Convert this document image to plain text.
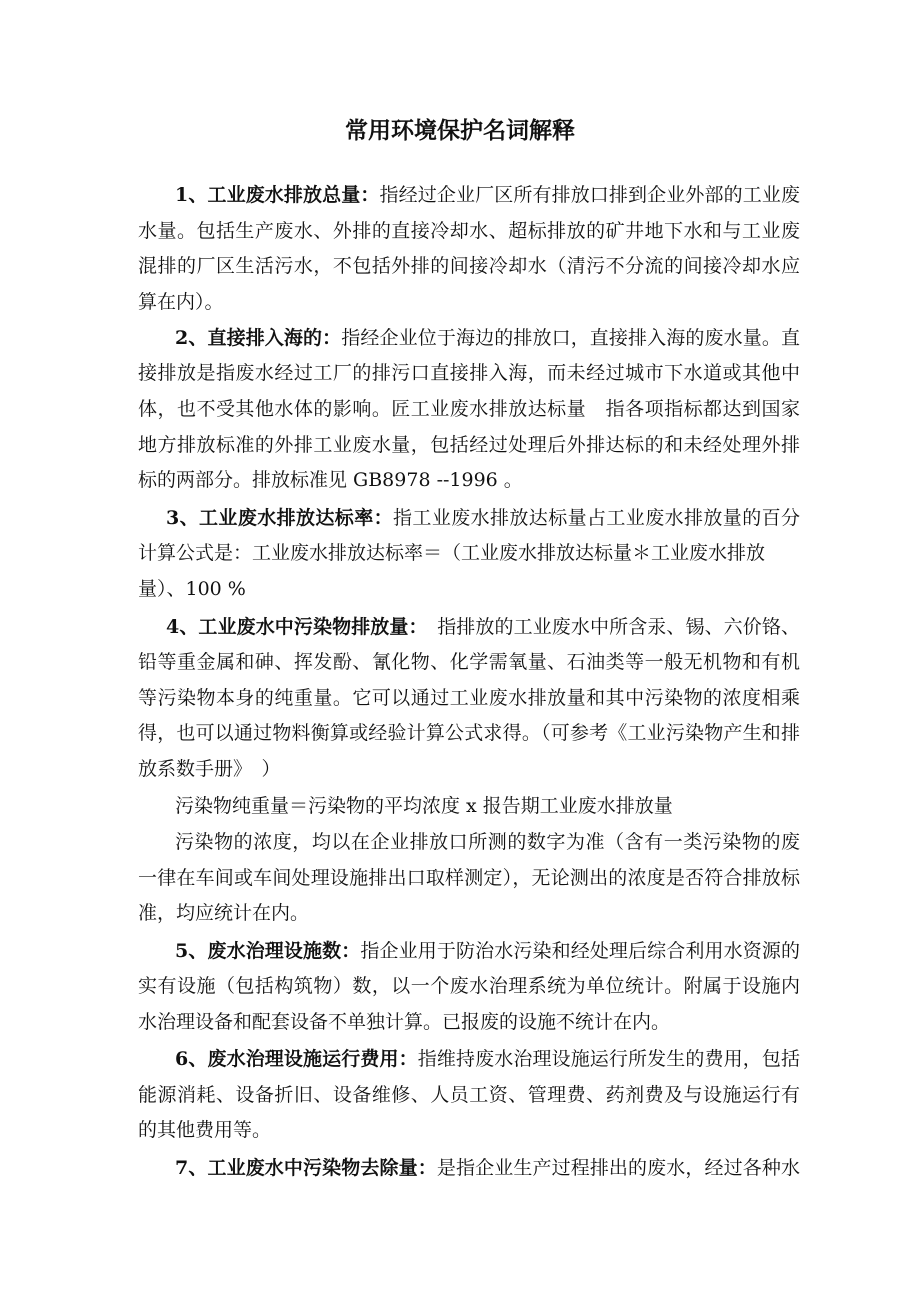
常用环境保护名词解释
1、工业废水排放总量：指经过企业厂区所有排放口排到企业外部的工业废
水量。包括生产废水、外排的直接冷却水、超标排放的矿井地下水和与工业废
混排的厂区生活污水，不包括外排的间接冷却水（清污不分流的间接冷却水应
算在内）。
2、直接排入海的：指经企业位于海边的排放口，直接排入海的废水量。直
接排放是指废水经过工厂的排污口直接排入海，而未经过城市下水道或其他中
体，也不受其他水体的影响。匠工业废水排放达标量　指各项指标都达到国家
地方排放标准的外排工业废水量，包括经过处理后外排达标的和未经处理外排
标的两部分。排放标准见 GB8978 --1996 。
3、工业废水排放达标率：指工业废水排放达标量占工业废水排放量的百分
计算公式是：工业废水排放达标率＝（工业废水排放达标量＊工业废水排放
量）、100 %
4、工业废水中污染物排放量：　指排放的工业废水中所含汞、锡、六价铬、
铅等重金属和砷、挥发酚、氰化物、化学需氧量、石油类等一般无机物和有机
等污染物本身的纯重量。它可以通过工业废水排放量和其中污染物的浓度相乘
得，也可以通过物料衡算或经验计算公式求得。（可参考《工业污染物产生和排
放系数手册》　）
污染物纯重量＝污染物的平均浓度 x 报告期工业废水排放量
污染物的浓度，均以在企业排放口所测的数字为准（含有一类污染物的废
一律在车间或车间处理设施排出口取样测定），无论测出的浓度是否符合排放标
准，均应统计在内。
5、废水治理设施数：指企业用于防治水污染和经处理后综合利用水资源的
实有设施（包括构筑物）数，以一个废水治理系统为单位统计。附属于设施内
水治理设备和配套设备不单独计算。已报废的设施不统计在内。
6、废水治理设施运行费用：指维持废水治理设施运行所发生的费用，包括
能源消耗、设备折旧、设备维修、人员工资、管理费、药剂费及与设施运行有
的其他费用等。
7、工业废水中污染物去除量：是指企业生产过程排出的废水，经过各种水
